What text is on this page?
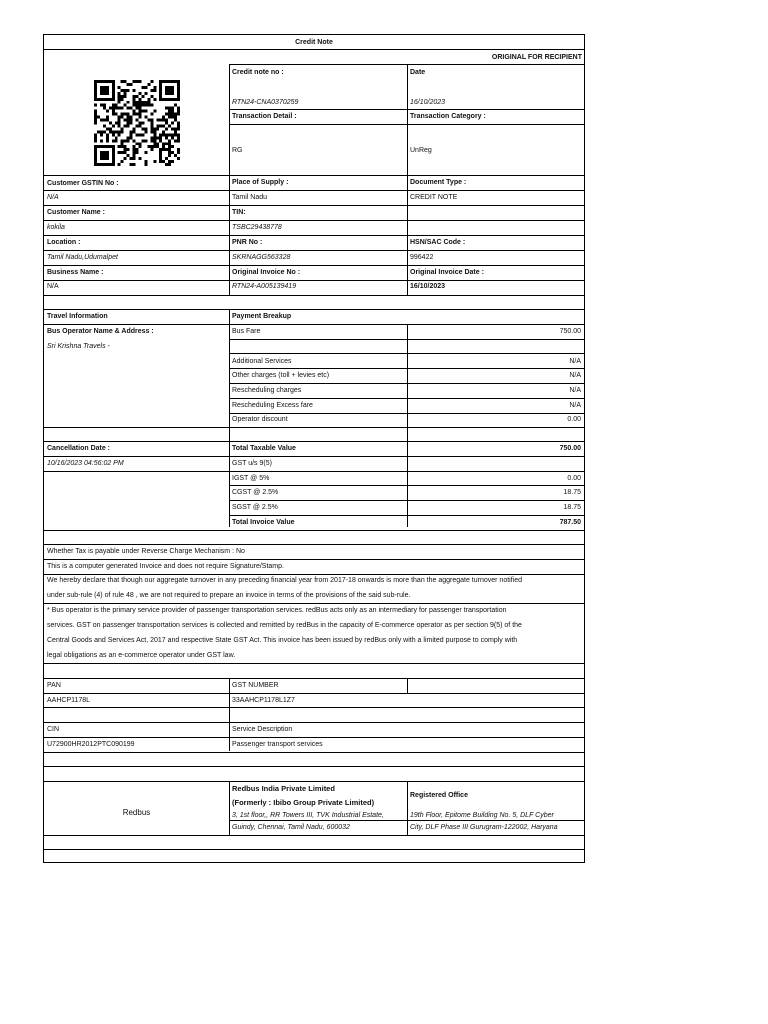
Credit Note
ORIGINAL FOR RECIPIENT
Credit note no :	Date
RTN24-CNA0370259	16/10/2023
Transaction Detail :	Transaction Category :
RG	UnReg
Customer GSTIN No :	Place of Supply :	Document Type :
N/A	Tamil Nadu	CREDIT NOTE
Customer Name :	TIN:
kokila	TSBC29438778
Location :	PNR No :	HSN/SAC Code :
Tamil Nadu,Udumalpet	SKRNAGG563328	996422
Business Name :	Original Invoice No :	Original Invoice Date :
N/A	RTN24-A005139419	16/10/2023
Travel Information	Payment Breakup
Bus Operator Name & Address :
Sri Krishna Travels -
Bus Fare	750.00
Additional Services	N/A
Other charges (toll + levies etc)	N/A
Rescheduling charges	N/A
Rescheduling Excess fare	N/A
Operator discount	0.00
Cancellation Date :
10/16/2023 04:56:02 PM
Total Taxable Value	750.00
GST u/s 9(5)
IGST @ 5%	0.00
CGST @ 2.5%	18.75
SGST @ 2.5%	18.75
Total Invoice Value	787.50
Whether Tax is payable under Reverse Charge Mechanism : No
This is a computer generated Invoice and does not require Signature/Stamp.
We hereby declare that though our aggregate turnover in any preceding financial year from 2017-18 onwards is more than the aggregate turnover notified
under sub-rule (4) of rule 48 , we are not required to prepare an invoice in terms of the provisions of the said sub-rule.
* Bus operator is the primary service provider of passenger transportation services. redBus acts only as an intermediary for passenger transportation
services. GST on passenger transportation services is collected and remitted by redBus in the capacity of E-commerce operator as per section 9(5) of the
Central Goods and Services Act, 2017 and respective State GST Act. This invoice has been issued by redBus only with a limited purpose to comply with
legal obligations as an e-commerce operator under GST law.
PAN	GST NUMBER
AAHCP1178L	33AAHCP1178L1Z7
CIN	Service Description
U72900HR2012PTC090199	Passenger transport services
Redbus
Redbus India Private Limited
(Formerly : Ibibo Group Private Limited)
3, 1st floor,, RR Towers III, TVK Industrial Estate,
Guindy, Chennai, Tamil Nadu, 600032
Registered Office
19th Floor, Epitome Building No. 5, DLF Cyber
City, DLF Phase III Gurugram-122002, Haryana
